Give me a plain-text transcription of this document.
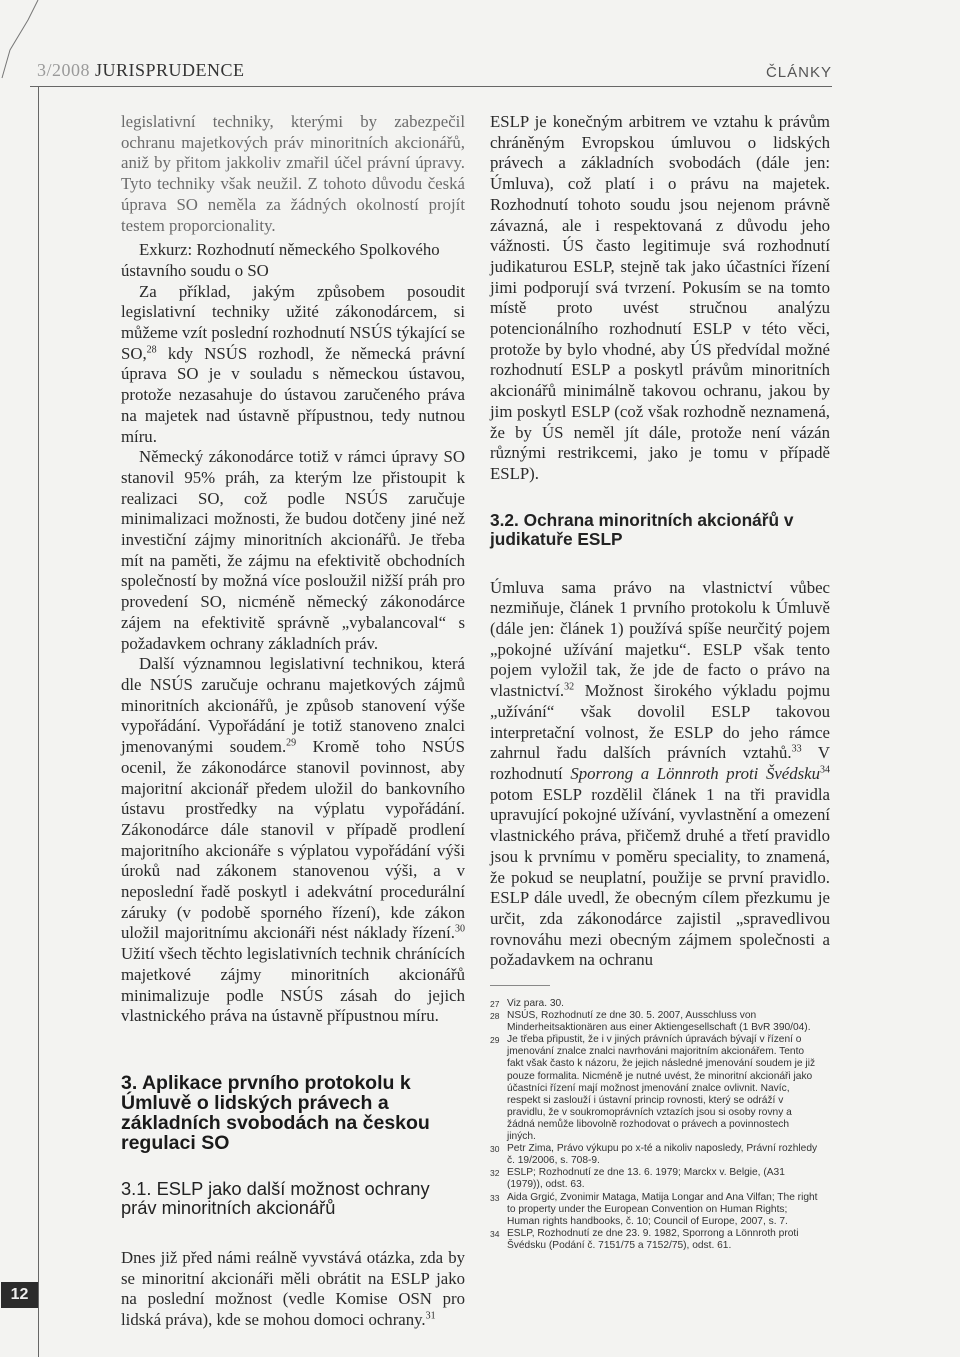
3/2008 JURISPRUDENCE	ČLÁNKY

legislativní techniky, kterými by zabezpečil ochranu majetkových práv minoritních akcionářů, aniž by přitom jakkoliv zmařil účel právní úpravy. Tyto techniky však neužil. Z tohoto důvodu česká úprava SO neměla za žádných okolností projít testem proporcionality.

Exkurz: Rozhodnutí německého Spolkového ústavního soudu o SO

Za příklad, jakým způsobem posoudit legislativní techniky užité zákonodárcem, si můžeme vzít poslední rozhodnutí NSÚS týkající se SO,$^{28}$ kdy NSÚS rozhodl, že německá právní úprava SO je v souladu s německou ústavou, protože nezasahuje do ústavou zaručeného práva na majetek nad ústavně přípustnou, tedy nutnou míru.

Německý zákonodárce totiž v rámci úpravy SO stanovil 95% práh, za kterým lze přistoupit k realizaci SO, což podle NSÚS zaručuje minimalizaci možnosti, že budou dotčeny jiné než investiční zájmy minoritních akcionářů. Je třeba mít na paměti, že zájmu na efektivitě obchodních společností by možná více posloužil nižší práh pro provedení SO, nicméně německý zákonodárce zájem na efektivitě správně „vybalancoval“ s požadavkem ochrany základních práv.

Další významnou legislativní technikou, která dle NSÚS zaručuje ochranu majetkových zájmů minoritních akcionářů, je způsob stanovení výše vypořádání. Vypořádání je totiž stanoveno znalci jmenovanými soudem.$^{29}$ Kromě toho NSÚS ocenil, že zákonodárce stanovil povinnost, aby majoritní akcionář předem uložil do bankovního ústavu prostředky na výplatu vypořádání. Zákonodárce dále stanovil v případě prodlení majoritního akcionáře s výplatou vypořádání výši úroků nad zákonem stanovenou výši, a v neposlední řadě poskytl i adekvátní procedurální záruky (v podobě sporného řízení), kde zákon uložil majoritnímu akcionáři nést náklady řízení.$^{30}$ Užití všech těchto legislativních technik chránících majetkové zájmy minoritních akcionářů minimalizuje podle NSÚS zásah do jejich vlastnického práva na ústavně přípustnou míru.

3. Aplikace prvního protokolu k Úmluvě o lidských právech a základních svobodách na českou regulaci SO
3.1. ESLP jako další možnost ochrany práv minoritních akcionářů

Dnes již před námi reálně vyvstává otázka, zda by se minoritní akcionáři měli obrátit na ESLP jako na poslední možnost (vedle Komise OSN pro lidská práva), kde se mohou domoci ochrany.$^{31}$

ESLP je konečným arbitrem ve vztahu k právům chráněným Evropskou úmluvou o lidských právech a základních svobodách (dále jen: Úmluva), což platí i o právu na majetek. Rozhodnutí tohoto soudu jsou nejenom právně závazná, ale i respektovaná z důvodu jeho vážnosti. ÚS často legitimuje svá rozhodnutí judikaturou ESLP, stejně tak jako účastníci řízení jimi podporují svá tvrzení. Pokusím se na tomto místě proto uvést stručnou analýzu potencionálního rozhodnutí ESLP v této věci, protože by bylo vhodné, aby ÚS předvídal možné rozhodnutí ESLP a poskytl právům minoritních akcionářů minimálně takovou ochranu, jakou by jim poskytl ESLP (což však rozhodně neznamená, že by ÚS neměl jít dále, protože není vázán různými restrikcemi, jako je tomu v případě ESLP).

3.2. Ochrana minoritních akcionářů v judikatuře ESLP

Úmluva sama právo na vlastnictví vůbec nezmiňuje, článek 1 prvního protokolu k Úmluvě (dále jen: článek 1) používá spíše neurčitý pojem „pokojné užívání majetku“. ESLP však tento pojem vyložil tak, že jde de facto o právo na vlastnictví.$^{32}$ Možnost širokého výkladu pojmu „užívání“ však dovolil ESLP takovou interpretační volnost, že ESLP do jeho rámce zahrnul řadu dalších právních vztahů.$^{33}$ V rozhodnutí Sporrong a Lönnroth proti Švédsku$^{34}$ potom ESLP rozdělil článek 1 na tři pravidla upravující pokojné užívání, vyvlastnění a omezení vlastnického práva, přičemž druhé a třetí pravidlo jsou k prvnímu v poměru speciality, to znamená, že pokud se neuplatní, použije se první pravidlo. ESLP dále uvedl, že obecným cílem přezkumu je určit, zda zákonodárce zajistil „spravedlivou rovnováhu mezi obecným zájmem společnosti a požadavkem na ochranu

27 Viz para. 30.

28 NSÚS, Rozhodnutí ze dne 30. 5. 2007, Ausschluss von Minderheitsaktionären aus einer Aktiengesellschaft (1 BvR 390/04).

29 Je třeba připustit, že i v jiných právních úpravách bývají v řízení o jmenování znalce znalci navrhováni majoritním akcionářem. Tento fakt však často k názoru, že jejich následné jmenování soudem je již pouze formalita. Nicméně je nutné uvést, že minoritní akcionáři jako účastníci řízení mají možnost jmenování znalce ovlivnit. Navíc, respekt si zaslouží i ústavní princip rovnosti, který se odráží v pravidlu, že v soukromoprávních vztazích jsou si osoby rovny a žádná nemůže libovolně rozhodovat o právech a povinnostech jiných.

30 Petr Zima, Právo výkupu po x-té a nikoliv naposledy, Právní rozhledy č. 19/2006, s. 708-9.

32 ESLP; Rozhodnutí ze dne 13. 6. 1979; Marckx v. Belgie, (A31 (1979)), odst. 63.

33 Aida Grgić, Zvonimir Mataga, Matija Longar and Ana Vilfan; The right to property under the European Convention on Human Rights; Human rights handbooks, č. 10; Council of Europe, 2007, s. 7.

34 ESLP, Rozhodnutí ze dne 23. 9. 1982, Sporrong a Lönnroth proti Švédsku (Podání č. 7151/75 a 7152/75), odst. 61.

12
